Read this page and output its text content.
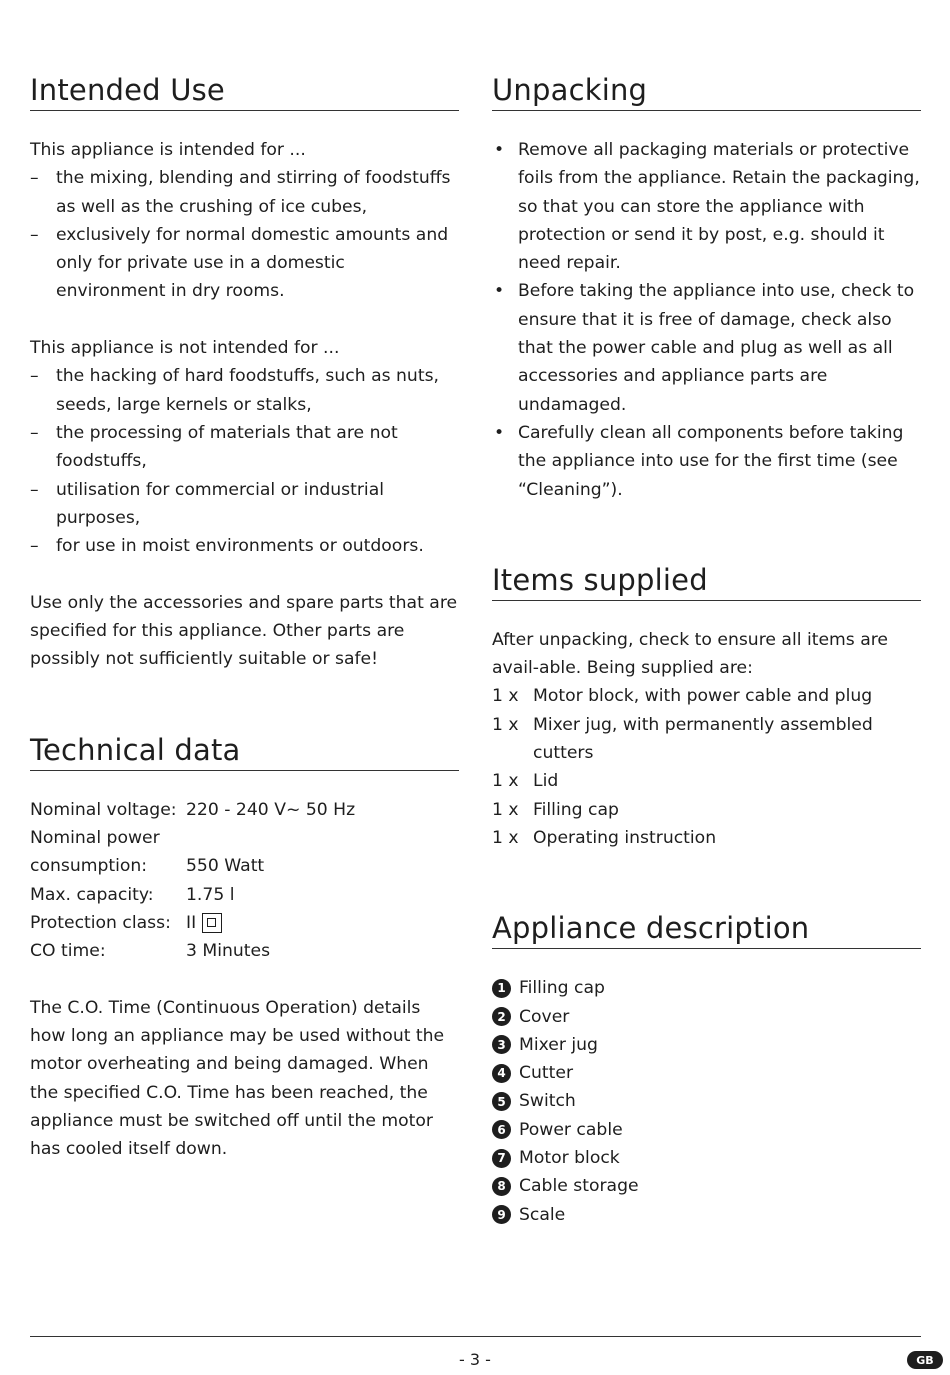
Intended Use

This appliance is intended for ...

– the mixing, blending and stirring of foodstuffs as well as the crushing of ice cubes,
– exclusively for normal domestic amounts and only for private use in a domestic environment in dry rooms.

This appliance is not intended for ...

– the hacking of hard foodstuffs, such as nuts, seeds, large kernels or stalks,
– the processing of materials that are not foodstuffs,
– utilisation for commercial or industrial purposes,
– for use in moist environments or outdoors.

Use only the accessories and spare parts that are specified for this appliance. Other parts are possibly not sufficiently suitable or safe!

Technical data
Nominal voltage: 220 - 240 V~ 50 Hz
Nominal power
consumption:	550 Watt
Max. capacity:	1.75 l
Protection class: II
CO time:	3 Minutes

The C.O. Time (Continuous Operation) details how long an appliance may be used without the motor overheating and being damaged. When the specified C.O. Time has been reached, the appliance must be switched off until the motor has cooled itself down.

Unpacking
• Remove all packaging materials or protective foils from the appliance. Retain the packaging, so that you can store the appliance with protection or send it by post, e.g. should it need repair.
• Before taking the appliance into use, check to ensure that it is free of damage, check also that the power cable and plug as well as all accessories and appliance parts are undamaged.
• Carefully clean all components before taking the appliance into use for the first time (see “Cleaning”).
Items supplied

After unpacking, check to ensure all items are avail-able. Being supplied are:

1 x Motor block, with power cable and plug
1 x Mixer jug, with permanently assembled cutters
1 x Lid
1 x Filling cap
1 x Operating instruction
Appliance description
1 Filling cap
2 Cover
3 Mixer jug
4 Cutter
5 Switch
6 Power cable
7 Motor block
8 Cable storage
9 Scale
- 3 -	GB
